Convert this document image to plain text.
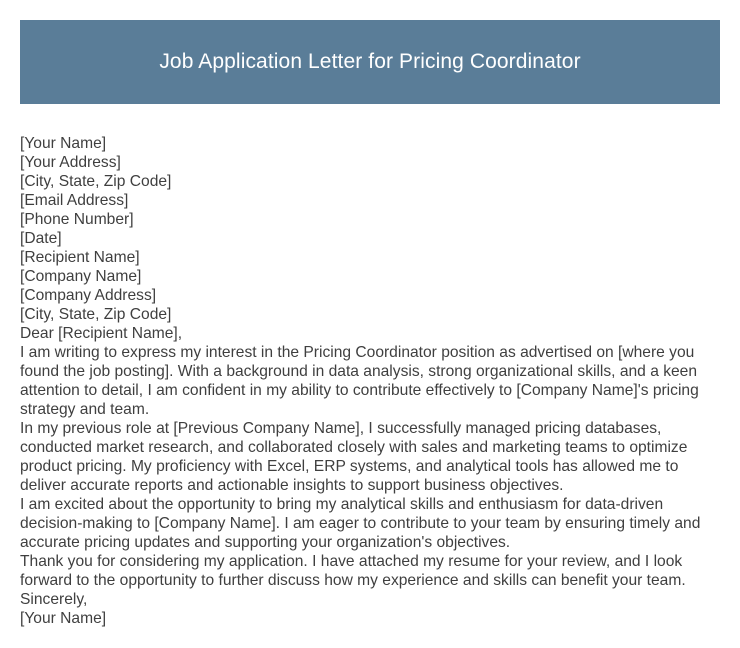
Job Application Letter for Pricing Coordinator
[Your Name]
[Your Address]
[City, State, Zip Code]
[Email Address]
[Phone Number]
[Date]
[Recipient Name]
[Company Name]
[Company Address]
[City, State, Zip Code]
Dear [Recipient Name],
I am writing to express my interest in the Pricing Coordinator position as advertised on [where you found the job posting]. With a background in data analysis, strong organizational skills, and a keen attention to detail, I am confident in my ability to contribute effectively to [Company Name]'s pricing strategy and team.
In my previous role at [Previous Company Name], I successfully managed pricing databases, conducted market research, and collaborated closely with sales and marketing teams to optimize product pricing. My proficiency with Excel, ERP systems, and analytical tools has allowed me to deliver accurate reports and actionable insights to support business objectives.
I am excited about the opportunity to bring my analytical skills and enthusiasm for data-driven decision-making to [Company Name]. I am eager to contribute to your team by ensuring timely and accurate pricing updates and supporting your organization's objectives.
Thank you for considering my application. I have attached my resume for your review, and I look forward to the opportunity to further discuss how my experience and skills can benefit your team.
Sincerely,
[Your Name]
